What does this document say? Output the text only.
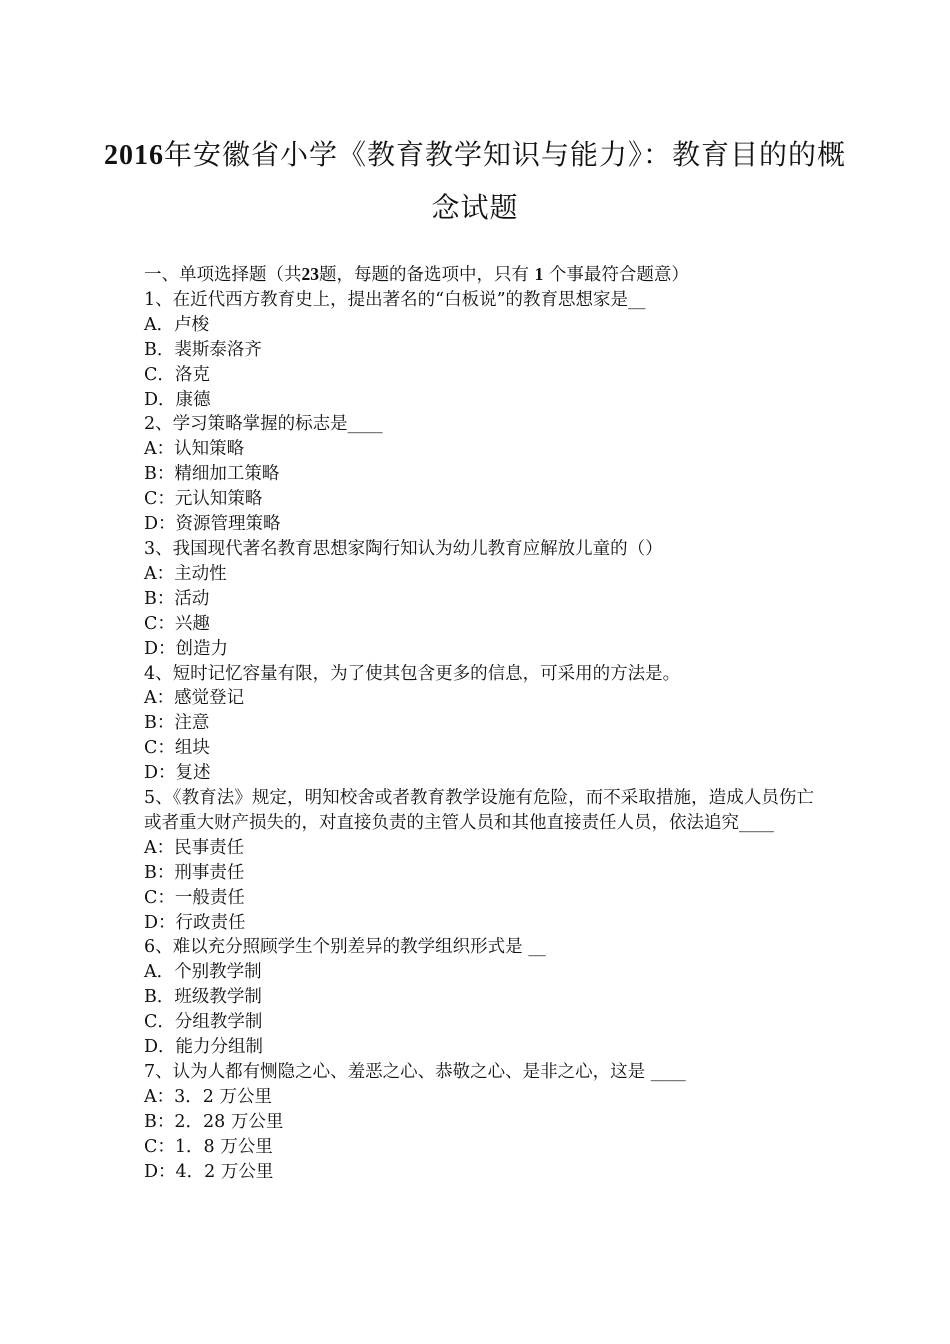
2016年安徽省小学《教育教学知识与能力》：教育目的的概
念试题

一、单项选择题（共23题，每题的备选项中，只有 1 个事最符合题意）

1、在近代西方教育史上，提出著名的“白板说”的教育思想家是__

A．卢梭

B．裴斯泰洛齐

C．洛克

D．康德

2、学习策略掌握的标志是____

A：认知策略

B：精细加工策略

C：元认知策略

D：资源管理策略

3、我国现代著名教育思想家陶行知认为幼儿教育应解放儿童的（）

A：主动性

B：活动

C：兴趣

D：创造力

4、短时记忆容量有限，为了使其包含更多的信息，可采用的方法是。

A：感觉登记

B：注意

C：组块

D：复述

5、《教育法》规定，明知校舍或者教育教学设施有危险，而不采取措施，造成人员伤亡或者重大财产损失的，对直接负责的主管人员和其他直接责任人员，依法追究____

A：民事责任

B：刑事责任

C：一般责任

D：行政责任

6、难以充分照顾学生个别差异的教学组织形式是 __

A．个别教学制

B．班级教学制

C．分组教学制

D．能力分组制

7、认为人都有恻隐之心、羞恶之心、恭敬之心、是非之心，这是 ____

A：3．2 万公里

B：2．28 万公里

C：1．8 万公里

D：4．2 万公里
